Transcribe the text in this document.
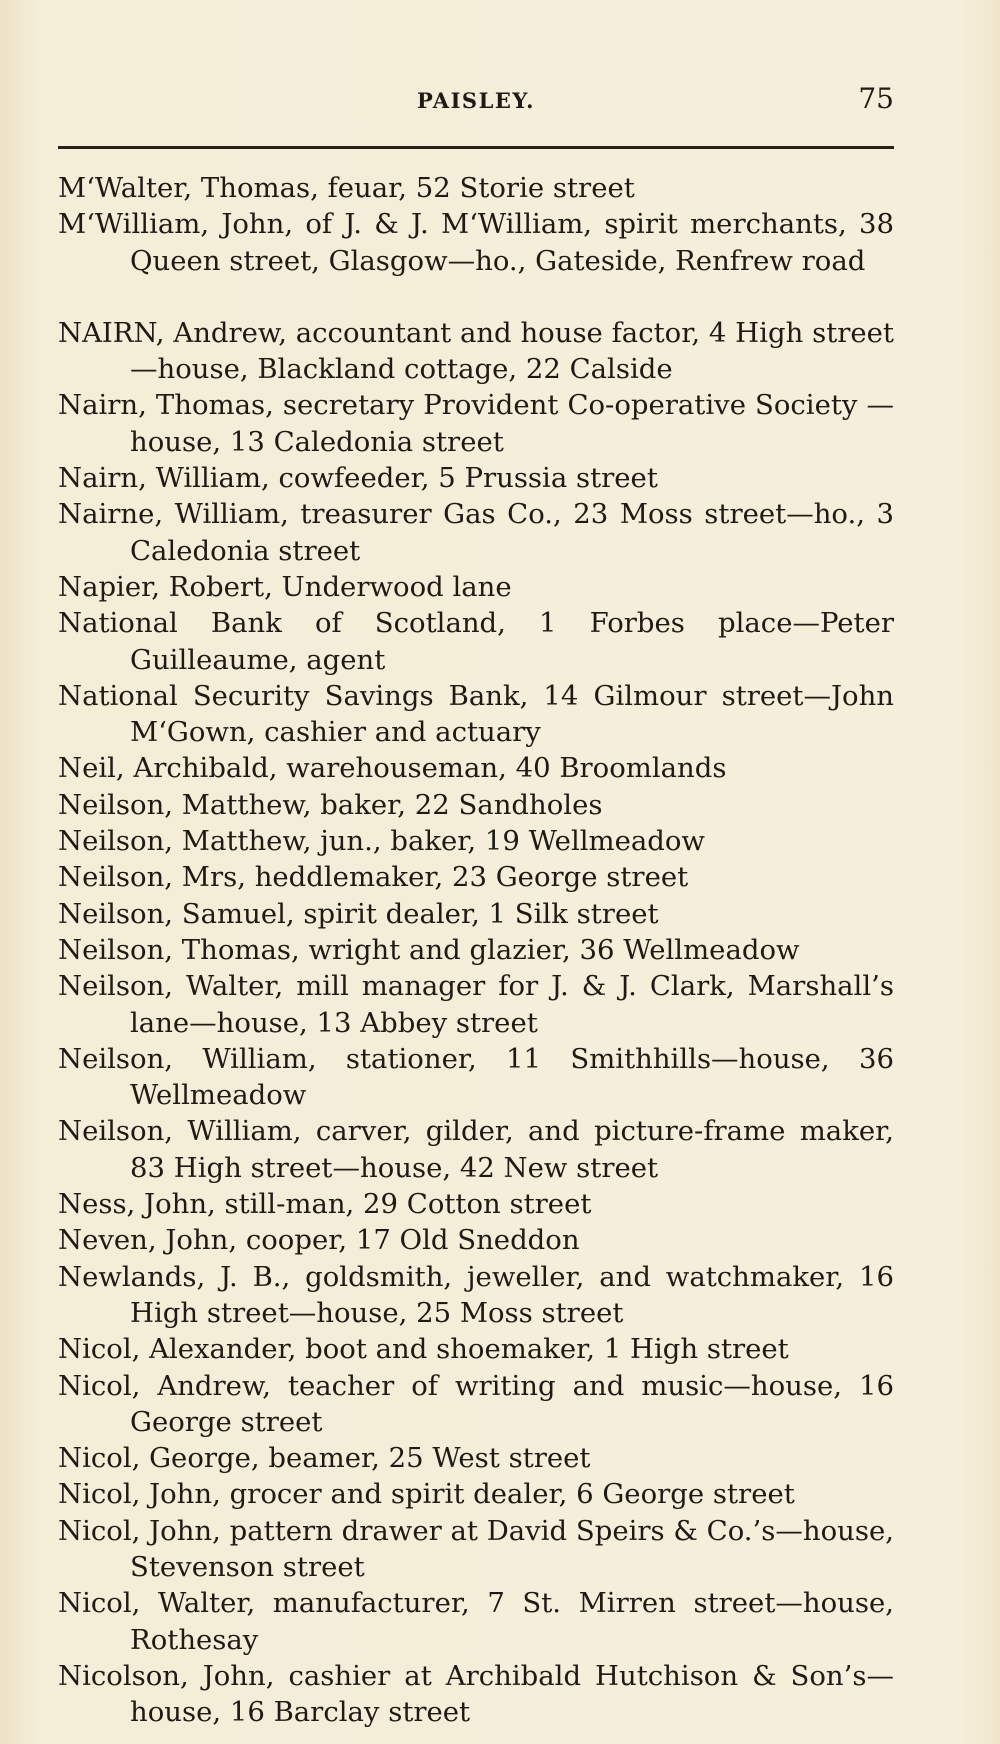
PAISLEY.	75
M‘Walter, Thomas, feuar, 52 Storie street
M‘William, John, of J. & J. M‘William, spirit merchants, 38 Queen street, Glasgow—ho., Gateside, Renfrew road
NAIRN, Andrew, accountant and house factor, 4 High street—house, Blackland cottage, 22 Calside
Nairn, Thomas, secretary Provident Co-operative Society —house, 13 Caledonia street
Nairn, William, cowfeeder, 5 Prussia street
Nairne, William, treasurer Gas Co., 23 Moss street—ho., 3 Caledonia street
Napier, Robert, Underwood lane
National Bank of Scotland, 1 Forbes place—Peter Guilleaume, agent
National Security Savings Bank, 14 Gilmour street—John M‘Gown, cashier and actuary
Neil, Archibald, warehouseman, 40 Broomlands
Neilson, Matthew, baker, 22 Sandholes
Neilson, Matthew, jun., baker, 19 Wellmeadow
Neilson, Mrs, heddlemaker, 23 George street
Neilson, Samuel, spirit dealer, 1 Silk street
Neilson, Thomas, wright and glazier, 36 Wellmeadow
Neilson, Walter, mill manager for J. & J. Clark, Marshall’s lane—house, 13 Abbey street
Neilson, William, stationer, 11 Smithhills—house, 36 Wellmeadow
Neilson, William, carver, gilder, and picture-frame maker, 83 High street—house, 42 New street
Ness, John, still-man, 29 Cotton street
Neven, John, cooper, 17 Old Sneddon
Newlands, J. B., goldsmith, jeweller, and watchmaker, 16 High street—house, 25 Moss street
Nicol, Alexander, boot and shoemaker, 1 High street
Nicol, Andrew, teacher of writing and music—house, 16 George street
Nicol, George, beamer, 25 West street
Nicol, John, grocer and spirit dealer, 6 George street
Nicol, John, pattern drawer at David Speirs & Co.’s—house, Stevenson street
Nicol, Walter, manufacturer, 7 St. Mirren street—house, Rothesay
Nicolson, John, cashier at Archibald Hutchison & Son’s—house, 16 Barclay street
